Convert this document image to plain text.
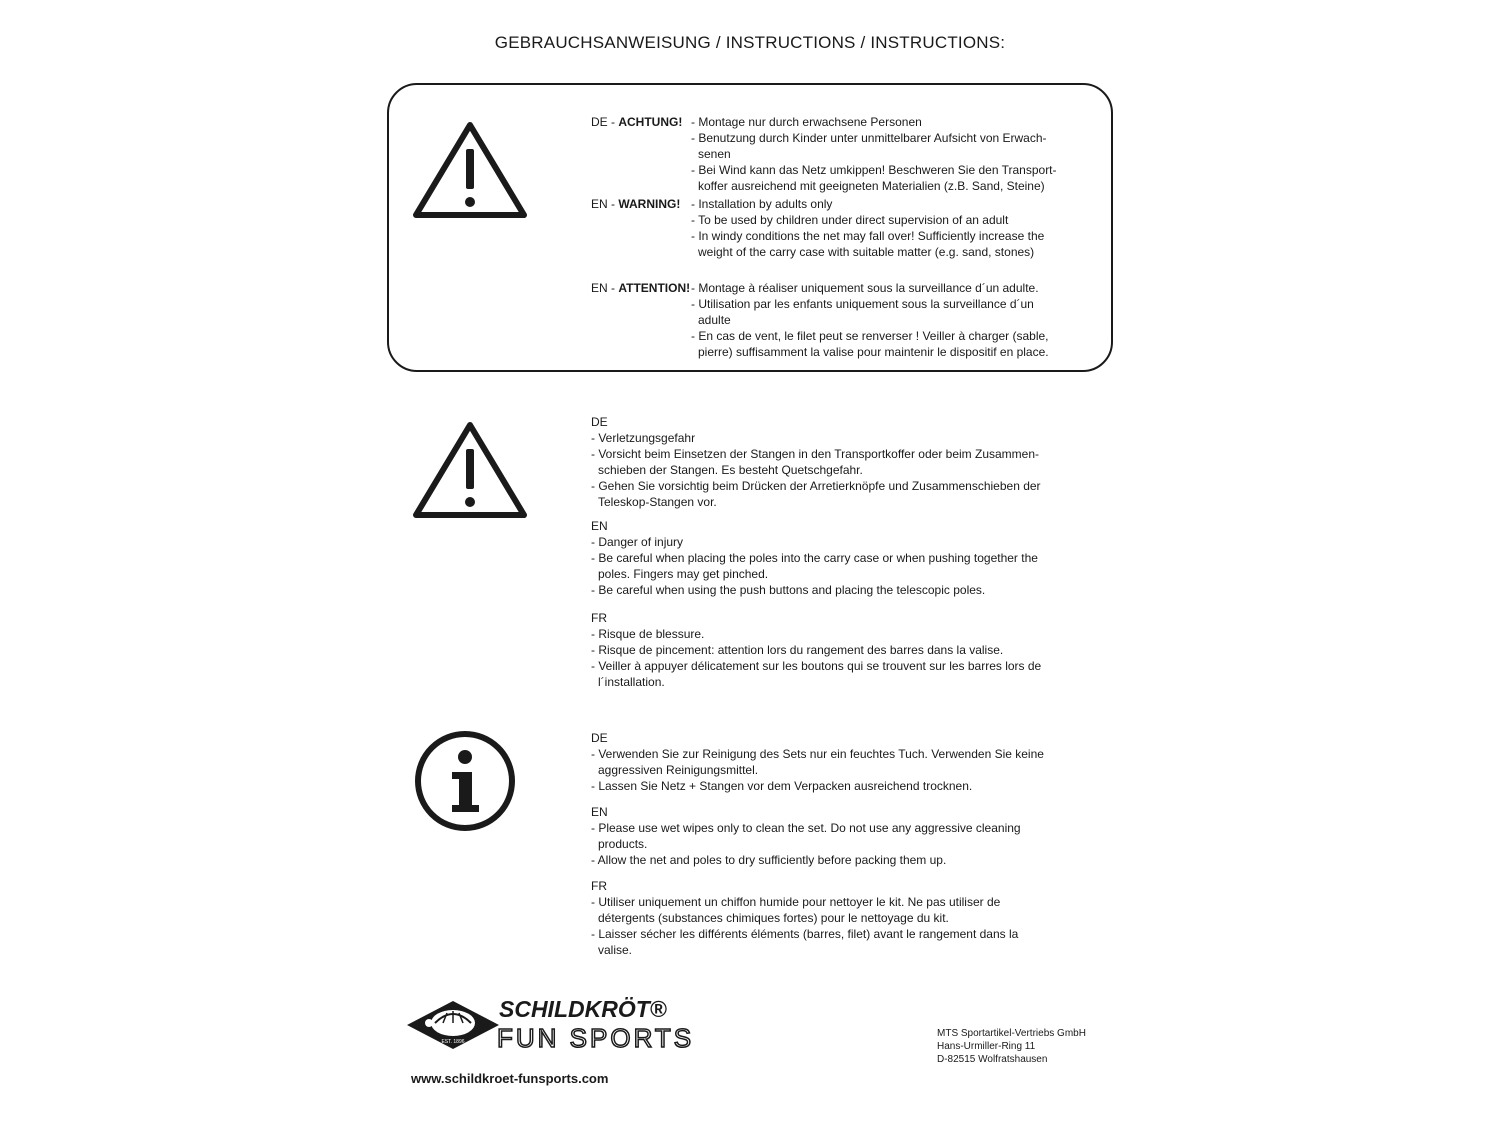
GEBRAUCHSANWEISUNG / INSTRUCTIONS / INSTRUCTIONS:
DE - ACHTUNG! - Montage nur durch erwachsene Personen
- Benutzung durch Kinder unter unmittelbarer Aufsicht von Erwach-
senen
- Bei Wind kann das Netz umkippen! Beschweren Sie den Transport-
koffer ausreichend mit geeigneten Materialien (z.B. Sand, Steine)
EN - WARNING! - Installation by adults only
- To be used by children under direct supervision of an adult
- In windy conditions the net may fall over! Sufficiently increase the
weight of the carry case with suitable matter (e.g. sand, stones)
EN - ATTENTION! - Montage à réaliser uniquement sous la surveillance d´un adulte.
- Utilisation par les enfants uniquement sous la surveillance d´un
adulte
- En cas de vent, le filet peut se renverser ! Veiller à charger (sable,
pierre) suffisamment la valise pour maintenir le dispositif en place.
DE
- Verletzungsgefahr
- Vorsicht beim Einsetzen der Stangen in den Transportkoffer oder beim Zusammen-
schieben der Stangen. Es besteht Quetschgefahr.
- Gehen Sie vorsichtig beim Drücken der Arretierknöpfe und Zusammenschieben der
Teleskop-Stangen vor.
EN
- Danger of injury
- Be careful when placing the poles into the carry case or when pushing together the
poles. Fingers may get pinched.
- Be careful when using the push buttons and placing the telescopic poles.
FR
- Risque de blessure.
- Risque de pincement: attention lors du rangement des barres dans la valise.
- Veiller à appuyer délicatement sur les boutons qui se trouvent sur les barres lors de
l´installation.
DE
- Verwenden Sie zur Reinigung des Sets nur ein feuchtes Tuch. Verwenden Sie keine
aggressiven Reinigungsmittel.
- Lassen Sie Netz + Stangen vor dem Verpacken ausreichend trocknen.
EN
- Please use wet wipes only to clean the set. Do not use any aggressive cleaning
products.
- Allow the net and poles to dry sufficiently before packing them up.
FR
- Utiliser uniquement un chiffon humide pour nettoyer le kit. Ne pas utiliser de
détergents (substances chimiques fortes) pour le nettoyage du kit.
- Laisser sécher les différents éléments (barres, filet) avant le rangement dans la
valise.
EST. 1896
SCHILDKRÖT®
FUN SPORTS
www.schildkroet-funsports.com
MTS Sportartikel-Vertriebs GmbH
Hans-Urmiller-Ring 11
D-82515 Wolfratshausen
